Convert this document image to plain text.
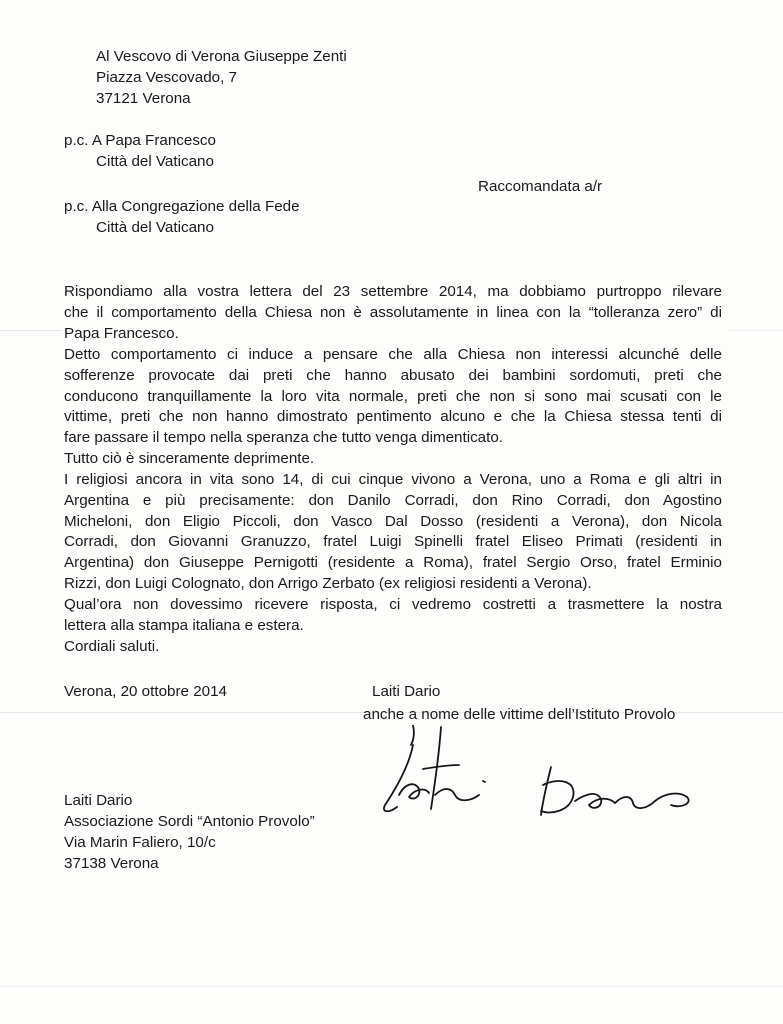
Al Vescovo di Verona Giuseppe Zenti
Piazza Vescovado, 7
37121 Verona
p.c. A Papa Francesco
Città del Vaticano
p.c. Alla Congregazione della Fede
Città del Vaticano
Raccomandata a/r
Rispondiamo alla vostra lettera del 23 settembre 2014, ma dobbiamo purtroppo rilevare
che il comportamento della Chiesa non è assolutamente in linea con la “tolleranza zero” di
Papa Francesco.
Detto comportamento ci induce a pensare che alla Chiesa non interessi alcunché delle
sofferenze provocate dai preti che hanno abusato dei bambini sordomuti, preti che
conducono tranquillamente la loro vita normale, preti che non si sono mai scusati con le
vittime, preti che non hanno dimostrato pentimento alcuno e che la Chiesa stessa tenti di
fare passare il tempo nella speranza che tutto venga dimenticato.
Tutto ciò è sinceramente deprimente.
I religiosi ancora in vita sono 14, di cui cinque vivono a Verona, uno a Roma e gli altri in
Argentina e più precisamente: don Danilo Corradi, don Rino Corradi, don Agostino
Micheloni, don Eligio Piccoli, don Vasco Dal Dosso (residenti a Verona), don Nicola
Corradi, don Giovanni Granuzzo, fratel Luigi Spinelli fratel Eliseo Primati (residenti in
Argentina) don Giuseppe Pernigotti (residente a Roma), fratel Sergio Orso, fratel Erminio
Rizzi, don Luigi Colognato, don Arrigo Zerbato (ex religiosi residenti a Verona).
Qual’ora non dovessimo ricevere risposta, ci vedremo costretti a trasmettere la nostra
lettera alla stampa italiana e estera.
Cordiali saluti.
Verona, 20 ottobre 2014	Laiti Dario
anche a nome delle vittime dell’Istituto Provolo
Laiti Dario
Associazione Sordi “Antonio Provolo”
Via Marin Faliero, 10/c
37138 Verona
